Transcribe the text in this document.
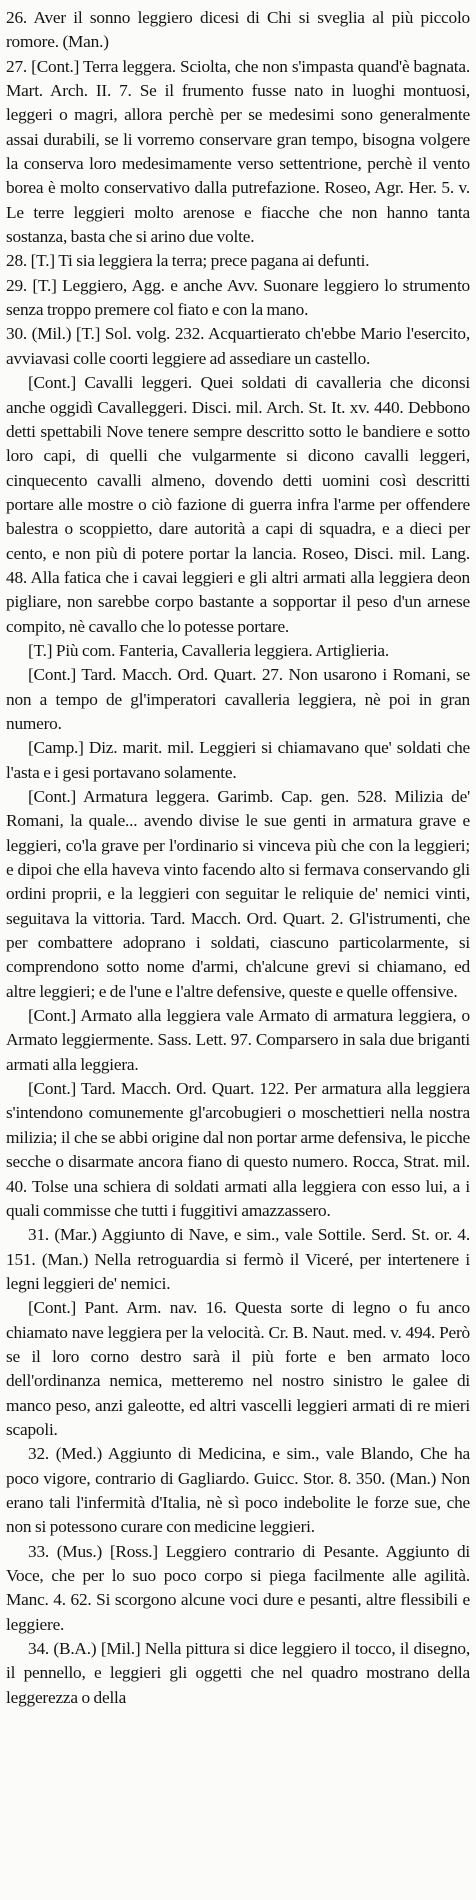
26. Aver il sonno leggiero dicesi di Chi si sveglia al più piccolo romore. (Man.)

27. [Cont.] Terra leggera. Sciolta, che non s'impasta quand'è bagnata. Mart. Arch. II. 7. Se il frumento fusse nato in luoghi montuosi, leggeri o magri, allora perchè per se medesimi sono generalmente assai durabili, se li vorremo conservare gran tempo, bisogna volgere la conserva loro medesimamente verso settentrione, perchè il vento borea è molto conservativo dalla putrefazione. Roseo, Agr. Her. 5. v. Le terre leggieri molto arenose e fiacche che non hanno tanta sostanza, basta che si arino due volte.

28. [T.] Ti sia leggiera la terra; prece pagana ai defunti.

29. [T.] Leggiero, Agg. e anche Avv. Suonare leggiero lo strumento senza troppo premere col fiato e con la mano.

30. (Mil.) [T.] Sol. volg. 232. Acquartierato ch'ebbe Mario l'esercito, avviavasi colle coorti leggiere ad assediare un castello.

[Cont.] Cavalli leggeri. Quei soldati di cavalleria che diconsi anche oggidì Cavalleggeri. Disci. mil. Arch. St. It. xv. 440. Debbono detti spettabili Nove tenere sempre descritto sotto le bandiere e sotto loro capi, di quelli che vulgarmente si dicono cavalli leggeri, cinquecento cavalli almeno, dovendo detti uomini così descritti portare alle mostre o ciò fazione di guerra infra l'arme per offendere balestra o scoppietto, dare autorità a capi di squadra, e a dieci per cento, e non più di potere portar la lancia. Roseo, Disci. mil. Lang. 48. Alla fatica che i cavai leggieri e gli altri armati alla leggiera deon pigliare, non sarebbe corpo bastante a sopportar il peso d'un arnese compito, nè cavallo che lo potesse portare.

[T.] Più com. Fanteria, Cavalleria leggiera. Artiglieria.

[Cont.] Tard. Macch. Ord. Quart. 27. Non usarono i Romani, se non a tempo de gl'imperatori cavalleria leggiera, nè poi in gran numero.

[Camp.] Diz. marit. mil. Leggieri si chiamavano que' soldati che l'asta e i gesi portavano solamente.

[Cont.] Armatura leggera. Garimb. Cap. gen. 528. Milizia de' Romani, la quale... avendo divise le sue genti in armatura grave e leggieri, co'la grave per l'ordinario si vinceva più che con la leggieri; e dipoi che ella haveva vinto facendo alto si fermava conservando gli ordini proprii, e la leggieri con seguitar le reliquie de' nemici vinti, seguitava la vittoria. Tard. Macch. Ord. Quart. 2. Gl'istrumenti, che per combattere adoprano i soldati, ciascuno particolarmente, si comprendono sotto nome d'armi, ch'alcune grevi si chiamano, ed altre leggieri; e de l'une e l'altre defensive, queste e quelle offensive.

[Cont.] Armato alla leggiera vale Armato di armatura leggiera, o Armato leggiermente. Sass. Lett. 97. Comparsero in sala due briganti armati alla leggiera.

[Cont.] Tard. Macch. Ord. Quart. 122. Per armatura alla leggiera s'intendono comunemente gl'arcobugieri o moschettieri nella nostra milizia; il che se abbi origine dal non portar arme defensiva, le picche secche o disarmate ancora fiano di questo numero. Rocca, Strat. mil. 40. Tolse una schiera di soldati armati alla leggiera con esso lui, a i quali commisse che tutti i fuggitivi amazzassero.

31. (Mar.) Aggiunto di Nave, e sim., vale Sottile. Serd. St. or. 4. 151. (Man.) Nella retroguardia si fermò il Viceré, per intertenere i legni leggieri de' nemici.

[Cont.] Pant. Arm. nav. 16. Questa sorte di legno o fu anco chiamato nave leggiera per la velocità. Cr. B. Naut. med. v. 494. Però se il loro corno destro sarà il più forte e ben armato loco dell'ordinanza nemica, metteremo nel nostro sinistro le galee di manco peso, anzi galeotte, ed altri vascelli leggieri armati di re mieri scapoli.

32. (Med.) Aggiunto di Medicina, e sim., vale Blando, Che ha poco vigore, contrario di Gagliardo. Guicc. Stor. 8. 350. (Man.) Non erano tali l'infermità d'Italia, nè sì poco indebolite le forze sue, che non si potessono curare con medicine leggieri.

33. (Mus.) [Ross.] Leggiero contrario di Pesante. Aggiunto di Voce, che per lo suo poco corpo si piega facilmente alle agilità. Manc. 4. 62. Si scorgono alcune voci dure e pesanti, altre flessibili e leggiere.

34. (B.A.) [Mil.] Nella pittura si dice leggiero il tocco, il disegno, il pennello, e leggieri gli oggetti che nel quadro mostrano della leggerezza o della
